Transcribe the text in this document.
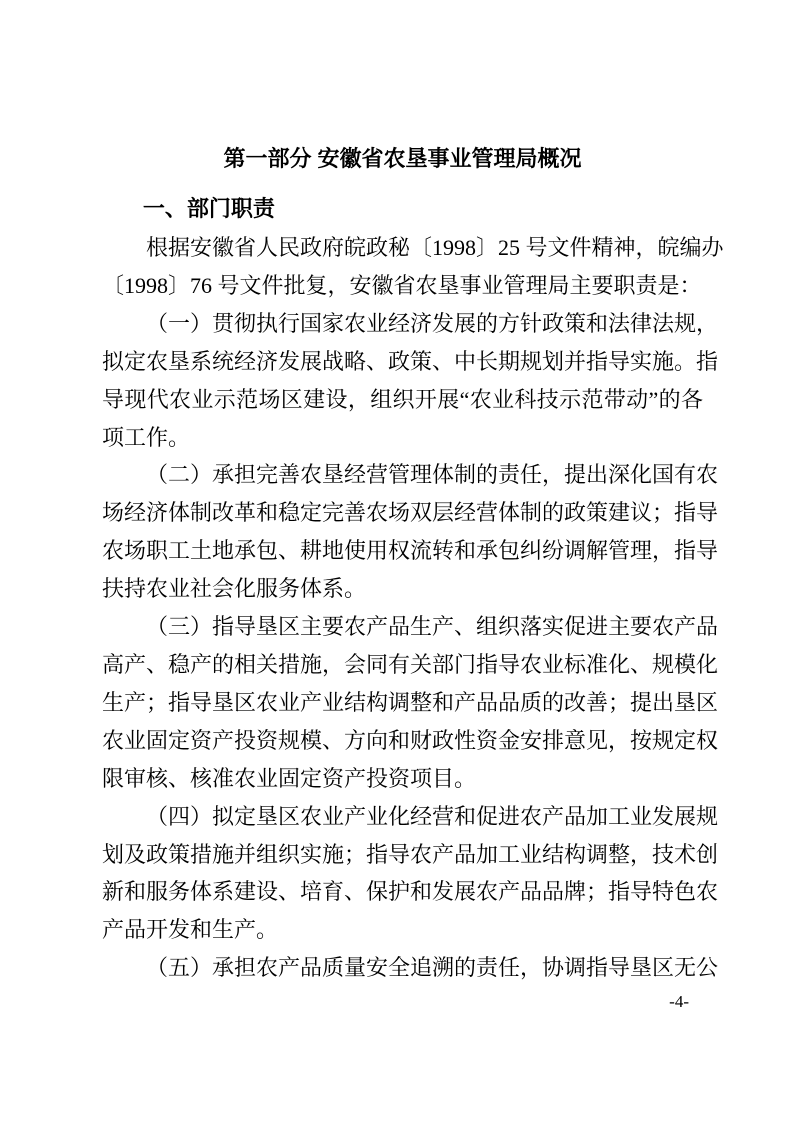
第一部分 安徽省农垦事业管理局概况
一、部门职责
根据安徽省人民政府皖政秘〔1998〕25 号文件精神，皖编办
〔1998〕76 号文件批复，安徽省农垦事业管理局主要职责是：
（一）贯彻执行国家农业经济发展的方针政策和法律法规，
拟定农垦系统经济发展战略、政策、中长期规划并指导实施。指
导现代农业示范场区建设，组织开展“农业科技示范带动”的各
项工作。
（二）承担完善农垦经营管理体制的责任，提出深化国有农
场经济体制改革和稳定完善农场双层经营体制的政策建议；指导
农场职工土地承包、耕地使用权流转和承包纠纷调解管理，指导
扶持农业社会化服务体系。
（三）指导垦区主要农产品生产、组织落实促进主要农产品
高产、稳产的相关措施，会同有关部门指导农业标准化、规模化
生产；指导垦区农业产业结构调整和产品品质的改善；提出垦区
农业固定资产投资规模、方向和财政性资金安排意见，按规定权
限审核、核准农业固定资产投资项目。
（四）拟定垦区农业产业化经营和促进农产品加工业发展规
划及政策措施并组织实施；指导农产品加工业结构调整，技术创
新和服务体系建设、培育、保护和发展农产品品牌；指导特色农
产品开发和生产。
（五）承担农产品质量安全追溯的责任，协调指导垦区无公
-4-
